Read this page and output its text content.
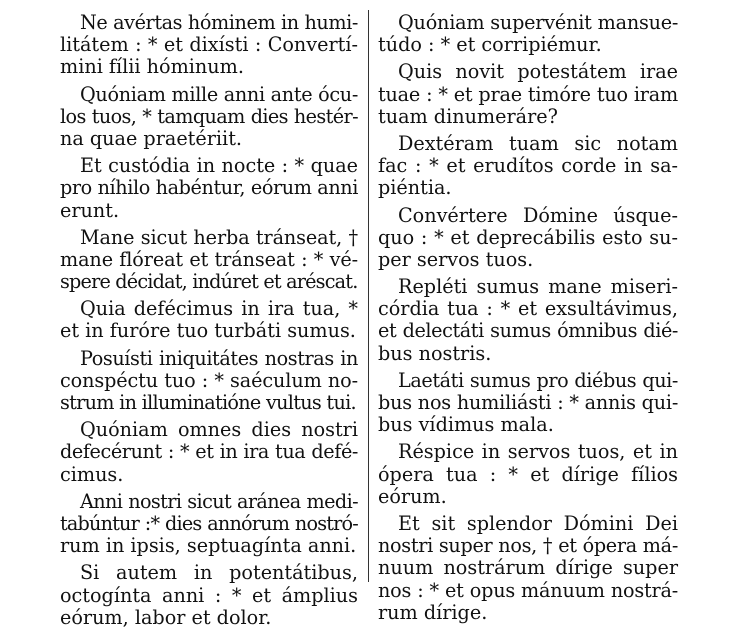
Ne avértas hóminem in humi-
litátem : * et dixísti : Convertí-
mini fílii hóminum.
Quóniam mille anni ante ócu-
los tuos, * tamquam dies hestér-
na quae praetériit.
Et custódia in nocte : * quae
pro níhilo habéntur, eórum anni
erunt.
Mane sicut herba tránseat, †
mane flóreat et tránseat : * vé-
spere décidat, indúret et aréscat.
Quia defécimus in ira tua, *
et in furóre tuo turbáti sumus.
Posuísti iniquitátes nostras in
conspéctu tuo : * saéculum no-
strum in illuminatióne vultus tui.
Quóniam omnes dies nostri
defecérunt : * et in ira tua defé-
cimus.
Anni nostri sicut aránea medi-
tabúntur :* dies annórum nostró-
rum in ipsis, septuagínta anni.
Si autem in potentátibus,
octogínta anni : * et ámplius
eórum, labor et dolor.
Quóniam supervénit mansue-
túdo : * et corripiémur.
Quis novit potestátem irae
tuae : * et prae timóre tuo iram
tuam dinumeráre?
Dextéram tuam sic notam
fac : * et erudítos corde in sa-
piéntia.
Convértere Dómine úsque-
quo : * et deprecábilis esto su-
per servos tuos.
Repléti sumus mane miseri-
córdia tua : * et exsultávimus,
et delectáti sumus ómnibus dié-
bus nostris.
Laetáti sumus pro diébus qui-
bus nos humiliásti : * annis qui-
bus vídimus mala.
Réspice in servos tuos, et in
ópera tua : * et dírige fílios
eórum.
Et sit splendor Dómini Dei
nostri super nos, † et ópera má-
nuum nostrárum dírige super
nos : * et opus mánuum nostrá-
rum dírige.
